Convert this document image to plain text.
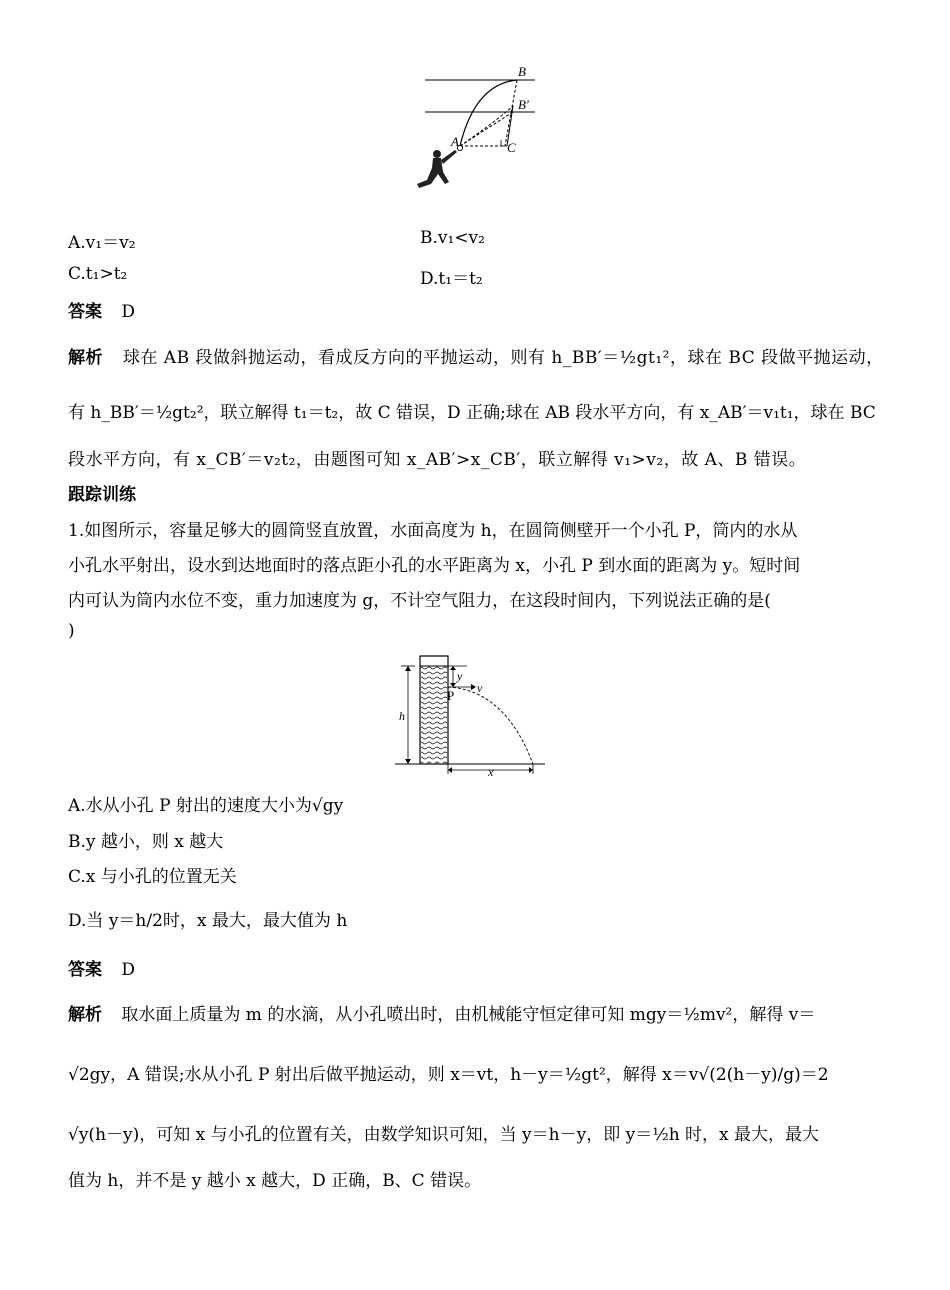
B
B′
A	C
A.v₁＝v₂	B.v₁<v₂
C.t₁>t₂	D.t₁＝t₂
答案 D
解析 球在 AB 段做斜抛运动，看成反方向的平抛运动，则有 h_BB′＝½gt₁²，球在 BC 段做平抛运动，
有 h_BB′＝½gt₂²，联立解得 t₁＝t₂，故 C 错误，D 正确;球在 AB 段水平方向，有 x_AB′＝v₁t₁，球在 BC
段水平方向，有 x_CB′＝v₂t₂，由题图可知 x_AB′>x_CB′，联立解得 v₁>v₂，故 A、B 错误。
跟踪训练
1.如图所示，容量足够大的圆筒竖直放置，水面高度为 h，在圆筒侧壁开一个小孔 P，筒内的水从
小孔水平射出，设水到达地面时的落点距小孔的水平距离为 x，小孔 P 到水面的距离为 y。短时间
内可认为筒内水位不变，重力加速度为 g，不计空气阻力，在这段时间内，下列说法正确的是(
)
y
v
P
h
x
A.水从小孔 P 射出的速度大小为√gy
B.y 越小，则 x 越大
C.x 与小孔的位置无关
D.当 y＝h/2时，x 最大，最大值为 h
答案 D
解析 取水面上质量为 m 的水滴，从小孔喷出时，由机械能守恒定律可知 mgy＝½mv²，解得 v＝
√2gy，A 错误;水从小孔 P 射出后做平抛运动，则 x＝vt，h－y＝½gt²，解得 x＝v√(2(h－y)/g)＝2
√y(h－y)，可知 x 与小孔的位置有关，由数学知识可知，当 y＝h－y，即 y＝½h 时，x 最大，最大
值为 h，并不是 y 越小 x 越大，D 正确，B、C 错误。
